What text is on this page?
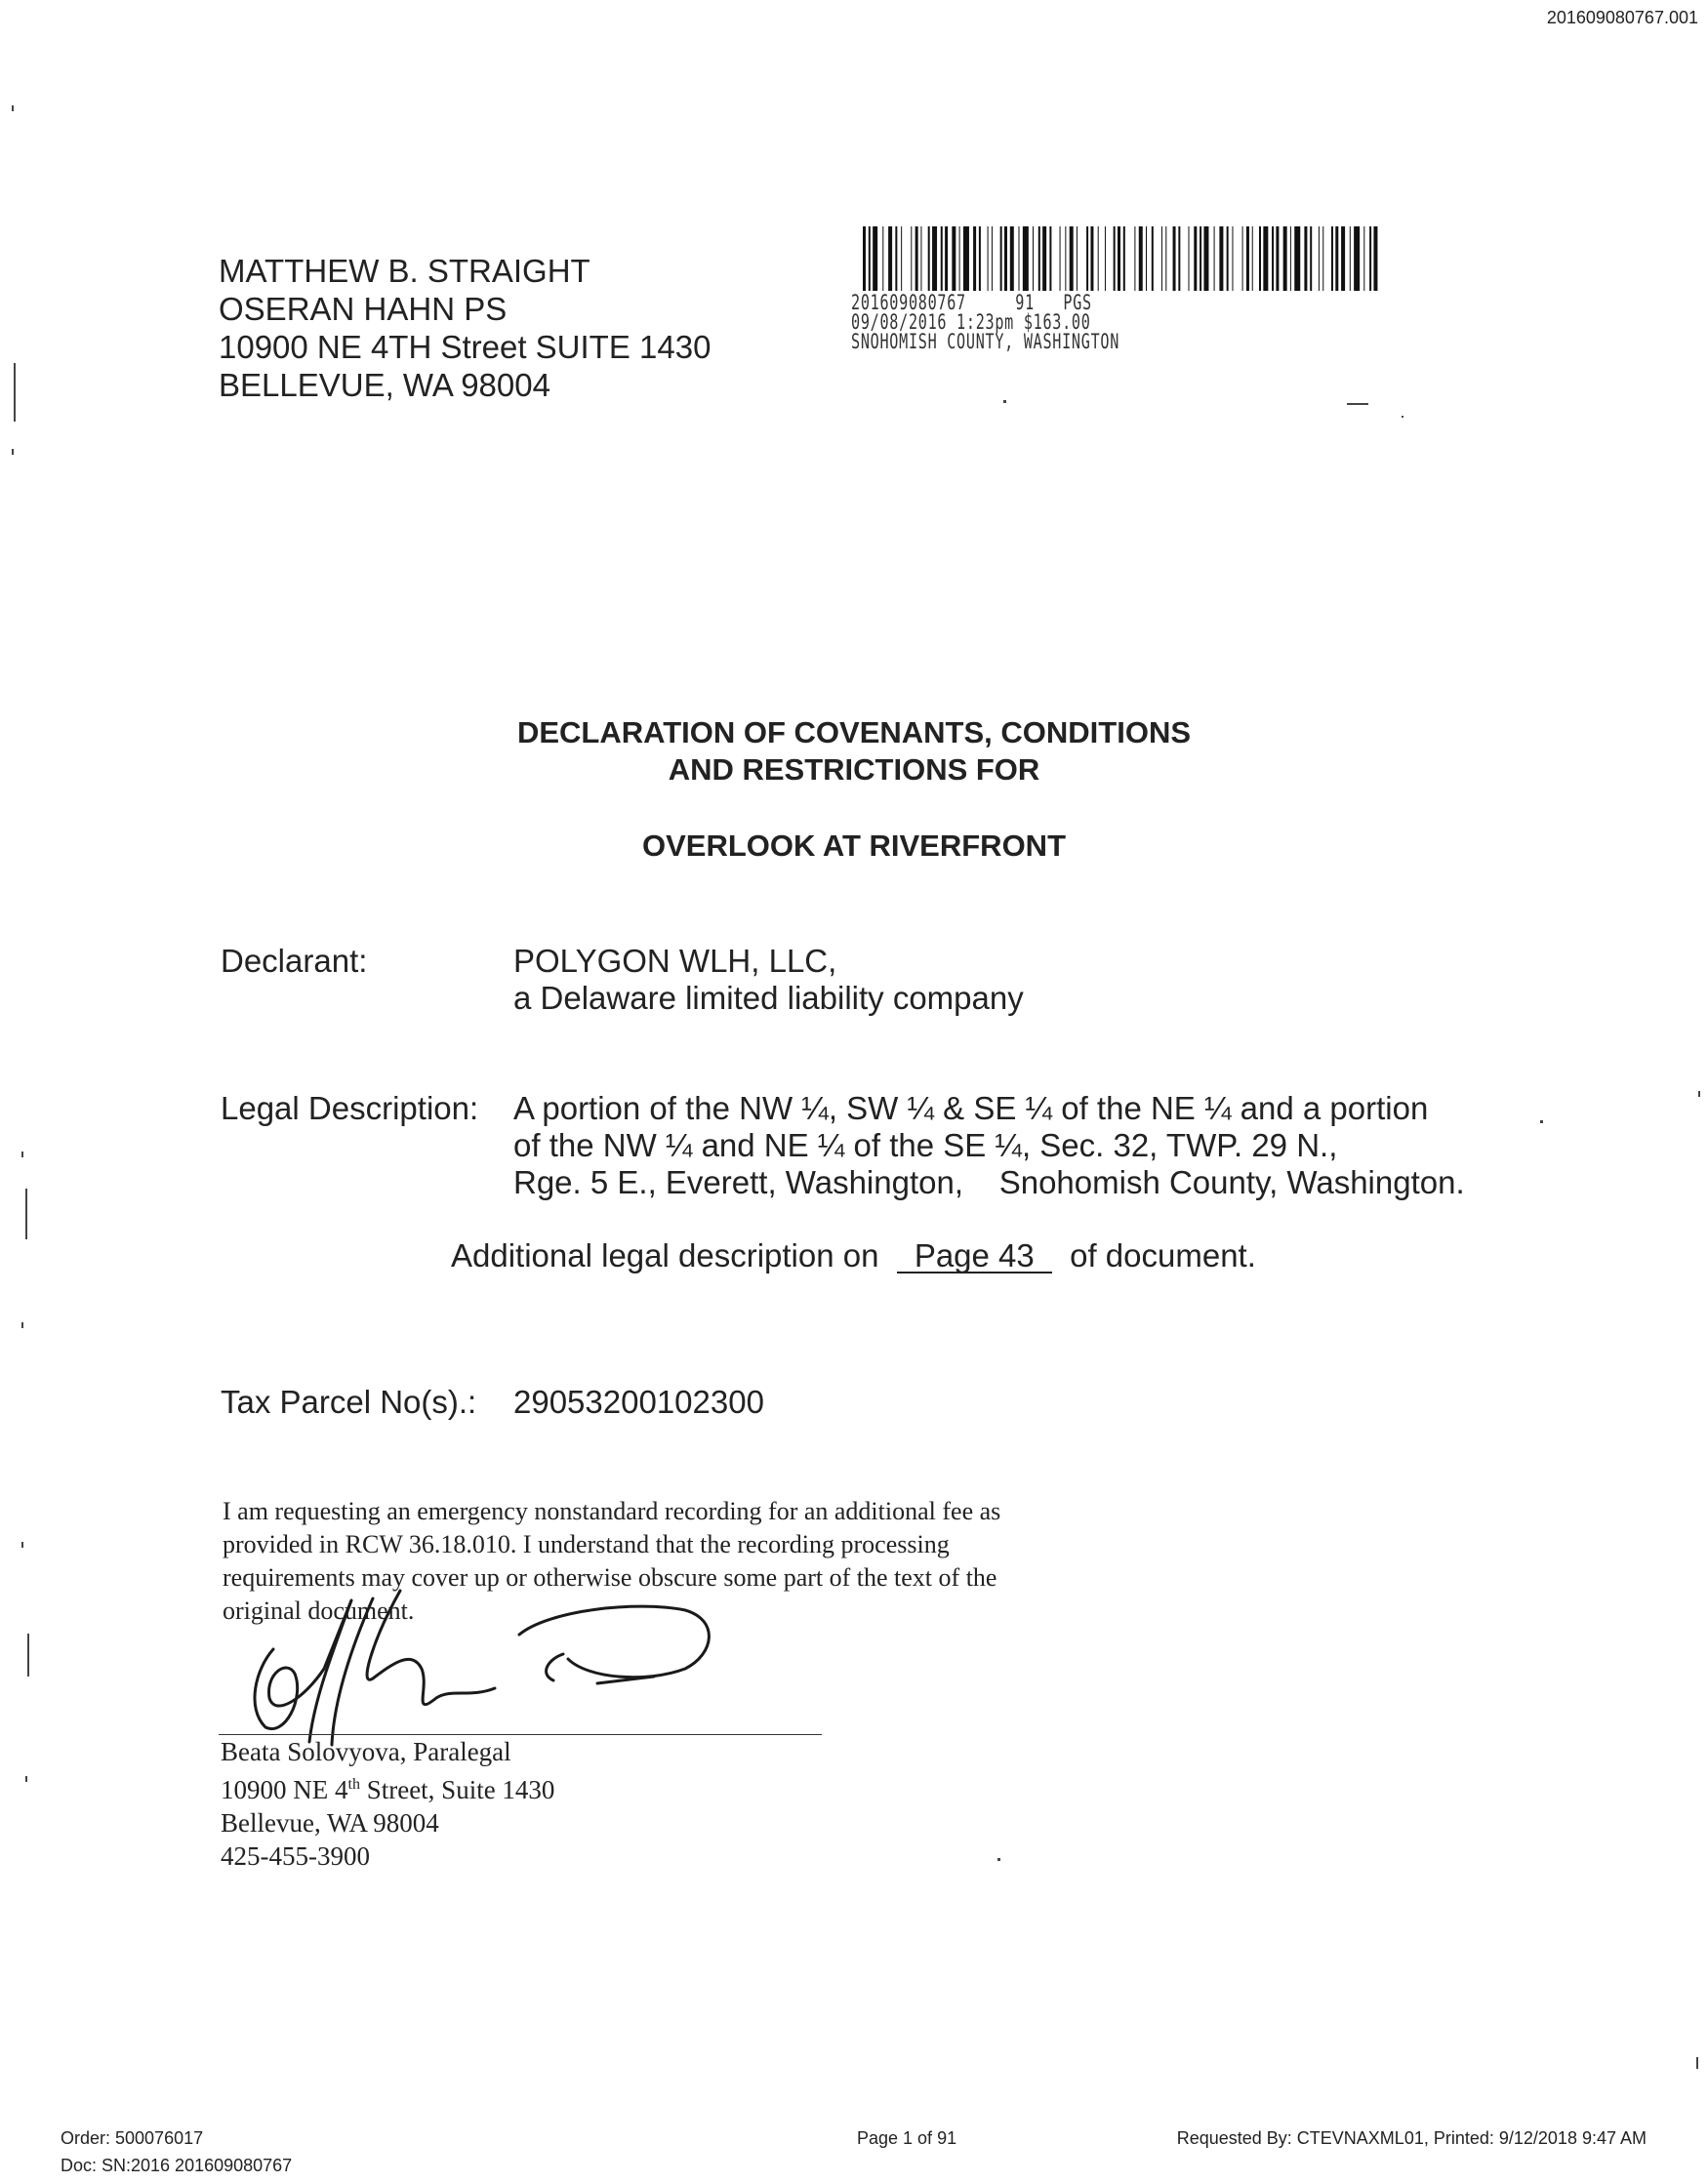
201609080767.001
MATTHEW B. STRAIGHT
OSERAN HAHN PS
10900 NE 4TH Street SUITE 1430
BELLEVUE, WA 98004
201609080767 91 PGS
09/08/2016 1:23pm $163.00
SNOHOMISH COUNTY, WASHINGTON
DECLARATION OF COVENANTS, CONDITIONS
AND RESTRICTIONS FOR
OVERLOOK AT RIVERFRONT
Declarant:	POLYGON WLH, LLC,
a Delaware limited liability company
Legal Description: A portion of the NW ¼, SW ¼ & SE ¼ of the NE ¼ and a portion
of the NW ¼ and NE ¼ of the SE ¼, Sec. 32, TWP. 29 N.,
Rge. 5 E., Everett, Washington, Snohomish County, Washington.
Additional legal description on Page 43 of document.
Tax Parcel No(s).: 29053200102300
I am requesting an emergency nonstandard recording for an additional fee as
provided in RCW 36.18.010. I understand that the recording processing
requirements may cover up or otherwise obscure some part of the text of the
original document.
Beata Solovyova, Paralegal
10900 NE 4th Street, Suite 1430
Bellevue, WA 98004
425-455-3900
Order: 500076017
Doc: SN:2016 201609080767
Page 1 of 91	Requested By: CTEVNAXML01, Printed: 9/12/2018 9:47 AM
